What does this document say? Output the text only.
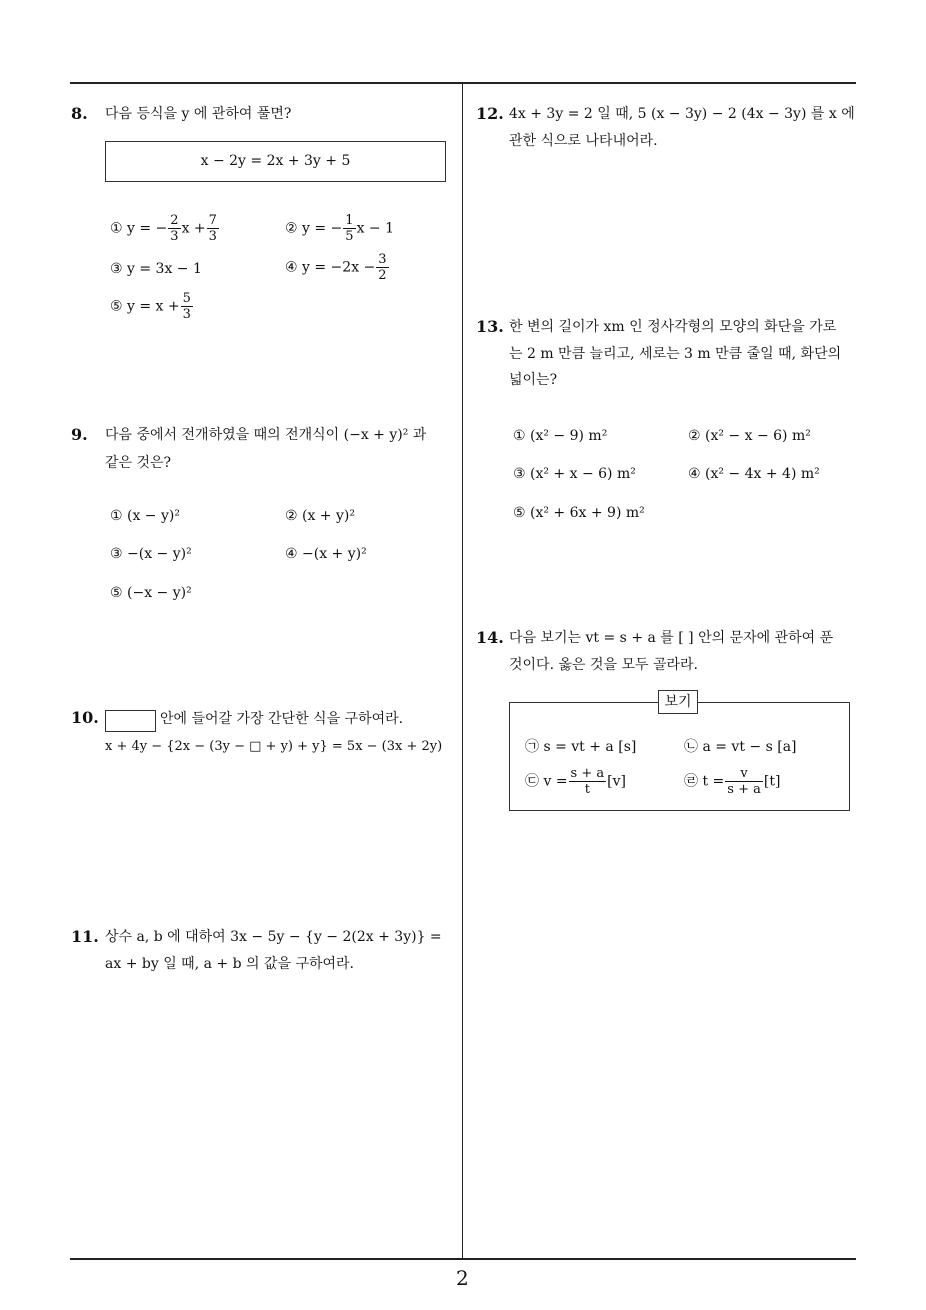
8. 다음 등식을 y 에 관하여 풀면?
x − 2y = 2x + 3y + 5
① y = − $\frac{2}{3}$ $x + \frac{7}{3}$	② y = − $\frac{1}{5}$ x − 1
③ y = 3x − 1	④ $y = -2x - \frac{3}{2}$
⑤ $y = x + \frac{5}{3}$
9. 다음 중에서 전개하였을 때의 전개식이 (−x + y)² 과
같은 것은?
① (x − y)²	② (x + y)²
③ −(x − y)²	④ −(x + y)²
⑤ (−x − y)²
10.	안에 들어갈 가장 간단한 식을 구하여라.
x + 4y − {2x − (3y − □ + y) + y} = 5x − (3x + 2y)
11. 상수 a, b 에 대하여 3x − 5y − {y − 2(2x + 3y)} =
ax + by 일 때, a + b 의 값을 구하여라.
12. 4x + 3y = 2 일 때, 5 (x − 3y) − 2 (4x − 3y) 를 x 에
관한 식으로 나타내어라.
13. 한 변의 길이가 xm 인 정사각형의 모양의 화단을 가로
는 2 m 만큼 늘리고, 세로는 3 m 만큼 줄일 때, 화단의
넓이는?
① (x² − 9) m²	② (x² − x − 6) m²
③ (x² + x − 6) m²	④ (x² − 4x + 4) m²
⑤ (x² + 6x + 9) m²
14. 다음 보기는 vt = s + a 를 [ ] 안의 문자에 관하여 푼
것이다. 옳은 것을 모두 골라라.
보기
㉠ s = vt + a [s]	㉡ a = vt − s [a]
㉢ $v = \frac{s + a}{t} [v]$	㉣ $t = \frac{v}{s + a} [t]$
2
